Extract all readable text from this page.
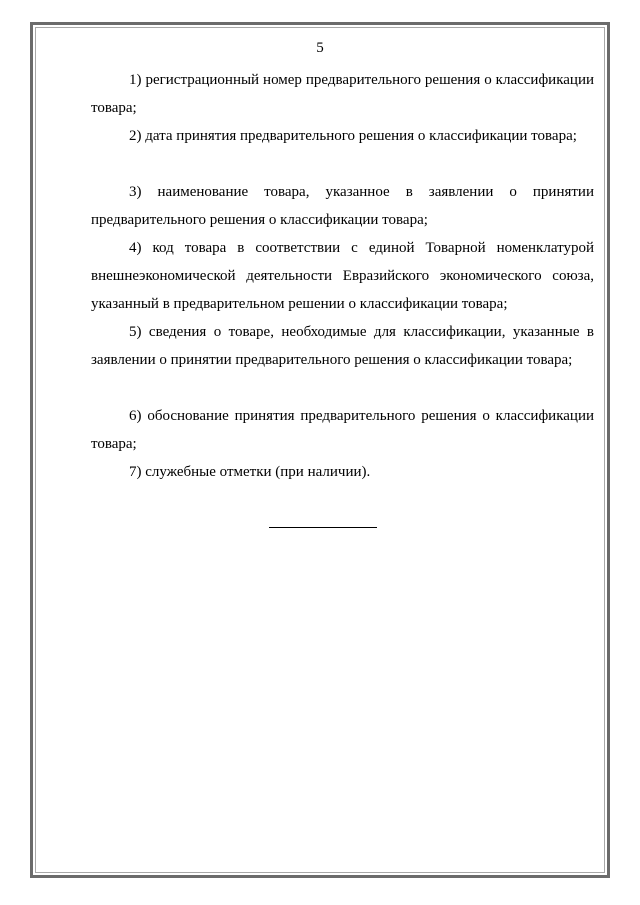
5

1) регистрационный номер предварительного решения о классификации товара;

2) дата принятия предварительного решения о классификации товара;

3) наименование товара, указанное в заявлении о принятии предварительного решения о классификации товара;

4) код товара в соответствии с единой Товарной номенклатурой внешнеэкономической деятельности Евразийского экономического союза, указанный в предварительном решении о классификации товара;

5) сведения о товаре, необходимые для классификации, указанные в заявлении о принятии предварительного решения о классификации товара;

6) обоснование принятия предварительного решения о классификации товара;

7) служебные отметки (при наличии).
